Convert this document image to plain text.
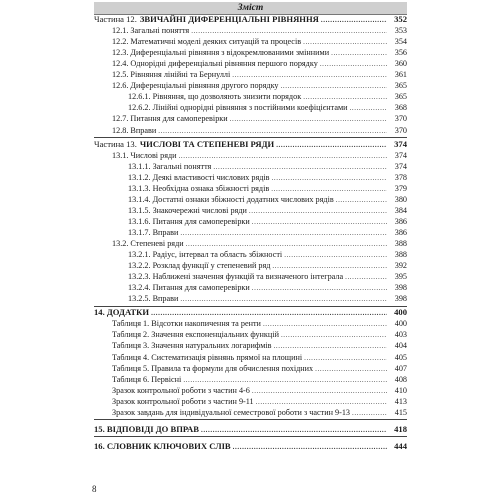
Зміст
Частина 12. ЗВИЧАЙНІ ДИФЕРЕНЦІАЛЬНІ РІВНЯННЯ .....	352
12.1. Загальні поняття .....	353
12.2. Математичні моделі деяких ситуацій та процесів .....	354
12.3. Диференціальні рівняння з відокремлюваними змінними .....	356
12.4. Однорідні диференціальні рівняння першого порядку .....	360
12.5. Рівняння лінійні та Бернуллі .....	361
12.6. Диференціальні рівняння другого порядку .....	365
12.6.1. Рівняння, що дозволяють знизити порядок .....	365
12.6.2. Лінійні однорідні рівняння з постійними коефіцієнтами .....	368
12.7. Питання для самоперевірки .....	370
12.8. Вправи .....	370
Частина 13. ЧИСЛОВІ ТА СТЕПЕНЕВІ РЯДИ .....	374
13.1. Числові ряди .....	374
13.1.1. Загальні поняття .....	374
13.1.2. Деякі властивості числових рядів .....	378
13.1.3. Необхідна ознака збіжності рядів .....	379
13.1.4. Достатні ознаки збіжності додатних числових рядів .....	380
13.1.5. Знакочережні числові ряди .....	384
13.1.6. Питання для самоперевірки .....	386
13.1.7. Вправи .....	386
13.2. Степеневі ряди .....	388
13.2.1. Радіус, інтервал та область збіжності .....	388
13.2.2. Розклад функції у степеневий ряд .....	392
13.2.3. Наближені значення функцій та визначеного інтеграла .....	395
13.2.4. Питання для самоперевірки .....	398
13.2.5. Вправи .....	398
14. ДОДАТКИ .....	400
Таблиця 1. Відсотки накопичення та ренти .....	400
Таблиця 2. Значення експоненціальних функцій .....	403
Таблиця 3. Значення натуральних логарифмів .....	404
Таблиця 4. Систематизація рівнянь прямої на площині .....	405
Таблиця 5. Правила та формули для обчислення похідних .....	407
Таблиця 6. Первісні .....	408
Зразок контрольної роботи з частин 4-6 .....	410
Зразок контрольної роботи з частин 9-11 .....	413
Зразок завдань для індивідуальної семестрової роботи з частин 9-13 .....	415
15. ВІДПОВІДІ ДО ВПРАВ .....	418
16. СЛОВНИК КЛЮЧОВИХ СЛІВ .....	444
8
